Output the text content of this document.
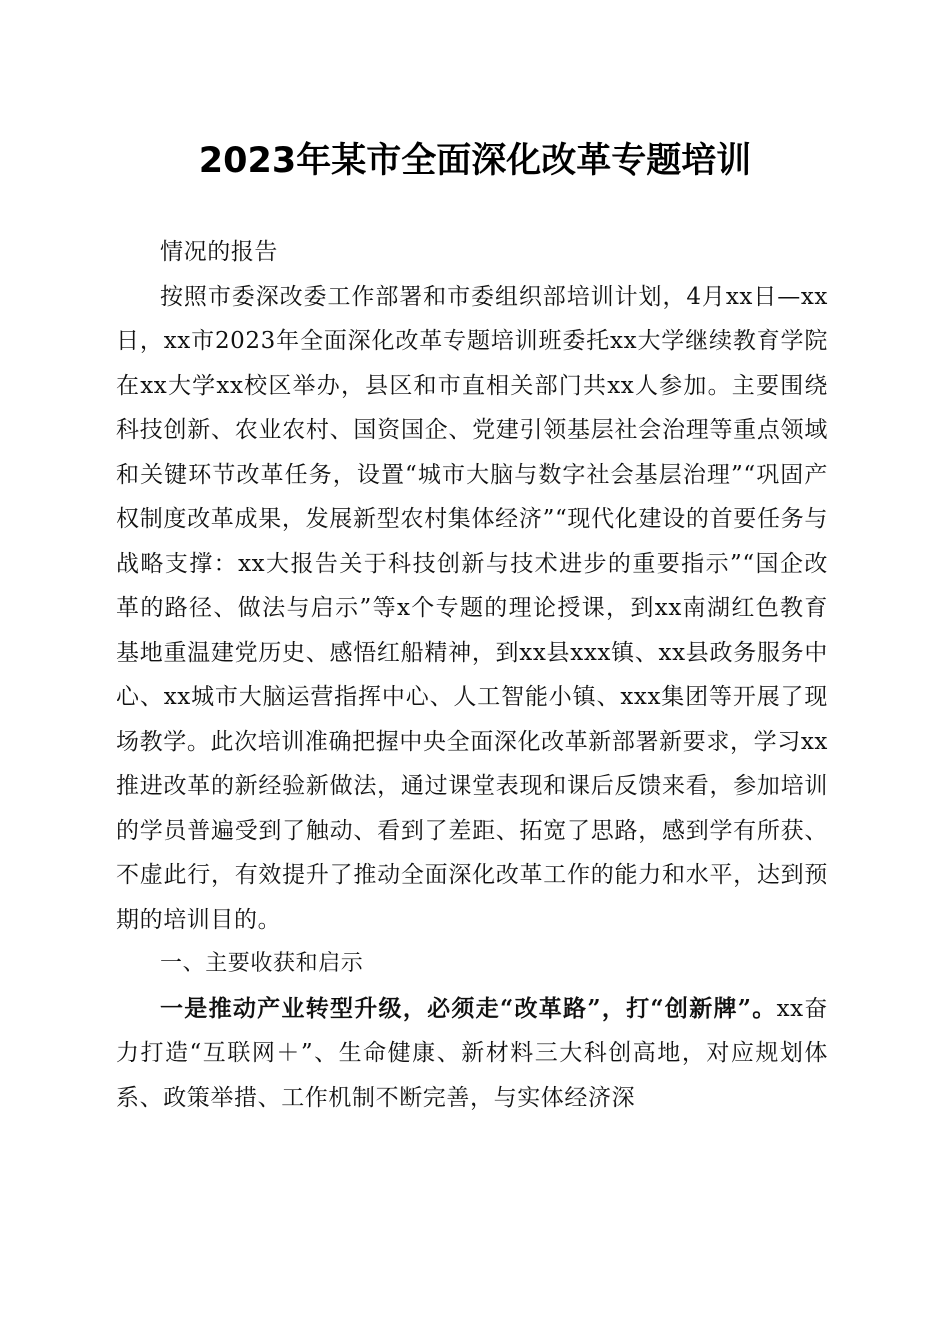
2023年某市全面深化改革专题培训

情况的报告

按照市委深改委工作部署和市委组织部培训计划，4月xx日—xx日，xx市2023年全面深化改革专题培训班委托xx大学继续教育学院在xx大学xx校区举办，县区和市直相关部门共xx人参加。主要围绕科技创新、农业农村、国资国企、党建引领基层社会治理等重点领域和关键环节改革任务，设置“城市大脑与数字社会基层治理”“巩固产权制度改革成果，发展新型农村集体经济”“现代化建设的首要任务与战略支撑：xx大报告关于科技创新与技术进步的重要指示”“国企改革的路径、做法与启示”等x个专题的理论授课，到xx南湖红色教育基地重温建党历史、感悟红船精神，到xx县xxx镇、xx县政务服务中心、xx城市大脑运营指挥中心、人工智能小镇、xxx集团等开展了现场教学。此次培训准确把握中央全面深化改革新部署新要求，学习xx推进改革的新经验新做法，通过课堂表现和课后反馈来看，参加培训的学员普遍受到了触动、看到了差距、拓宽了思路，感到学有所获、不虚此行，有效提升了推动全面深化改革工作的能力和水平，达到预期的培训目的。

一、主要收获和启示

一是推动产业转型升级，必须走“改革路”，打“创新牌”。xx奋力打造“互联网＋”、生命健康、新材料三大科创高地，对应规划体系、政策举措、工作机制不断完善，与实体经济深
